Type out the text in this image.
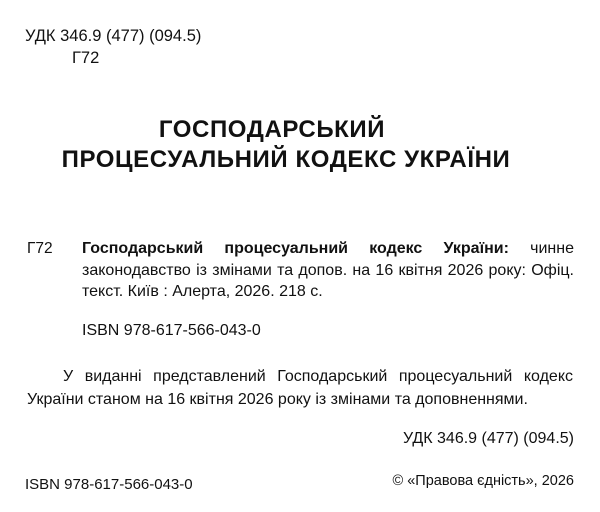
УДК 346.9 (477) (094.5)
Г72
ГОСПОДАРСЬКИЙ
ПРОЦЕСУАЛЬНИЙ КОДЕКС УКРАЇНИ
Г72 Господарський процесуальний кодекс України: чинне законодавство із змінами та допов. на 16 квітня 2026 року: Офіц. текст. Київ : Алерта, 2026. 218 с.
ISBN 978-617-566-043-0
У виданні представлений Господарський процесуальний кодекс України станом на 16 квітня 2026 року із змінами та доповненнями.
УДК 346.9 (477) (094.5)
ISBN 978-617-566-043-0	© «Правова єдність», 2026
